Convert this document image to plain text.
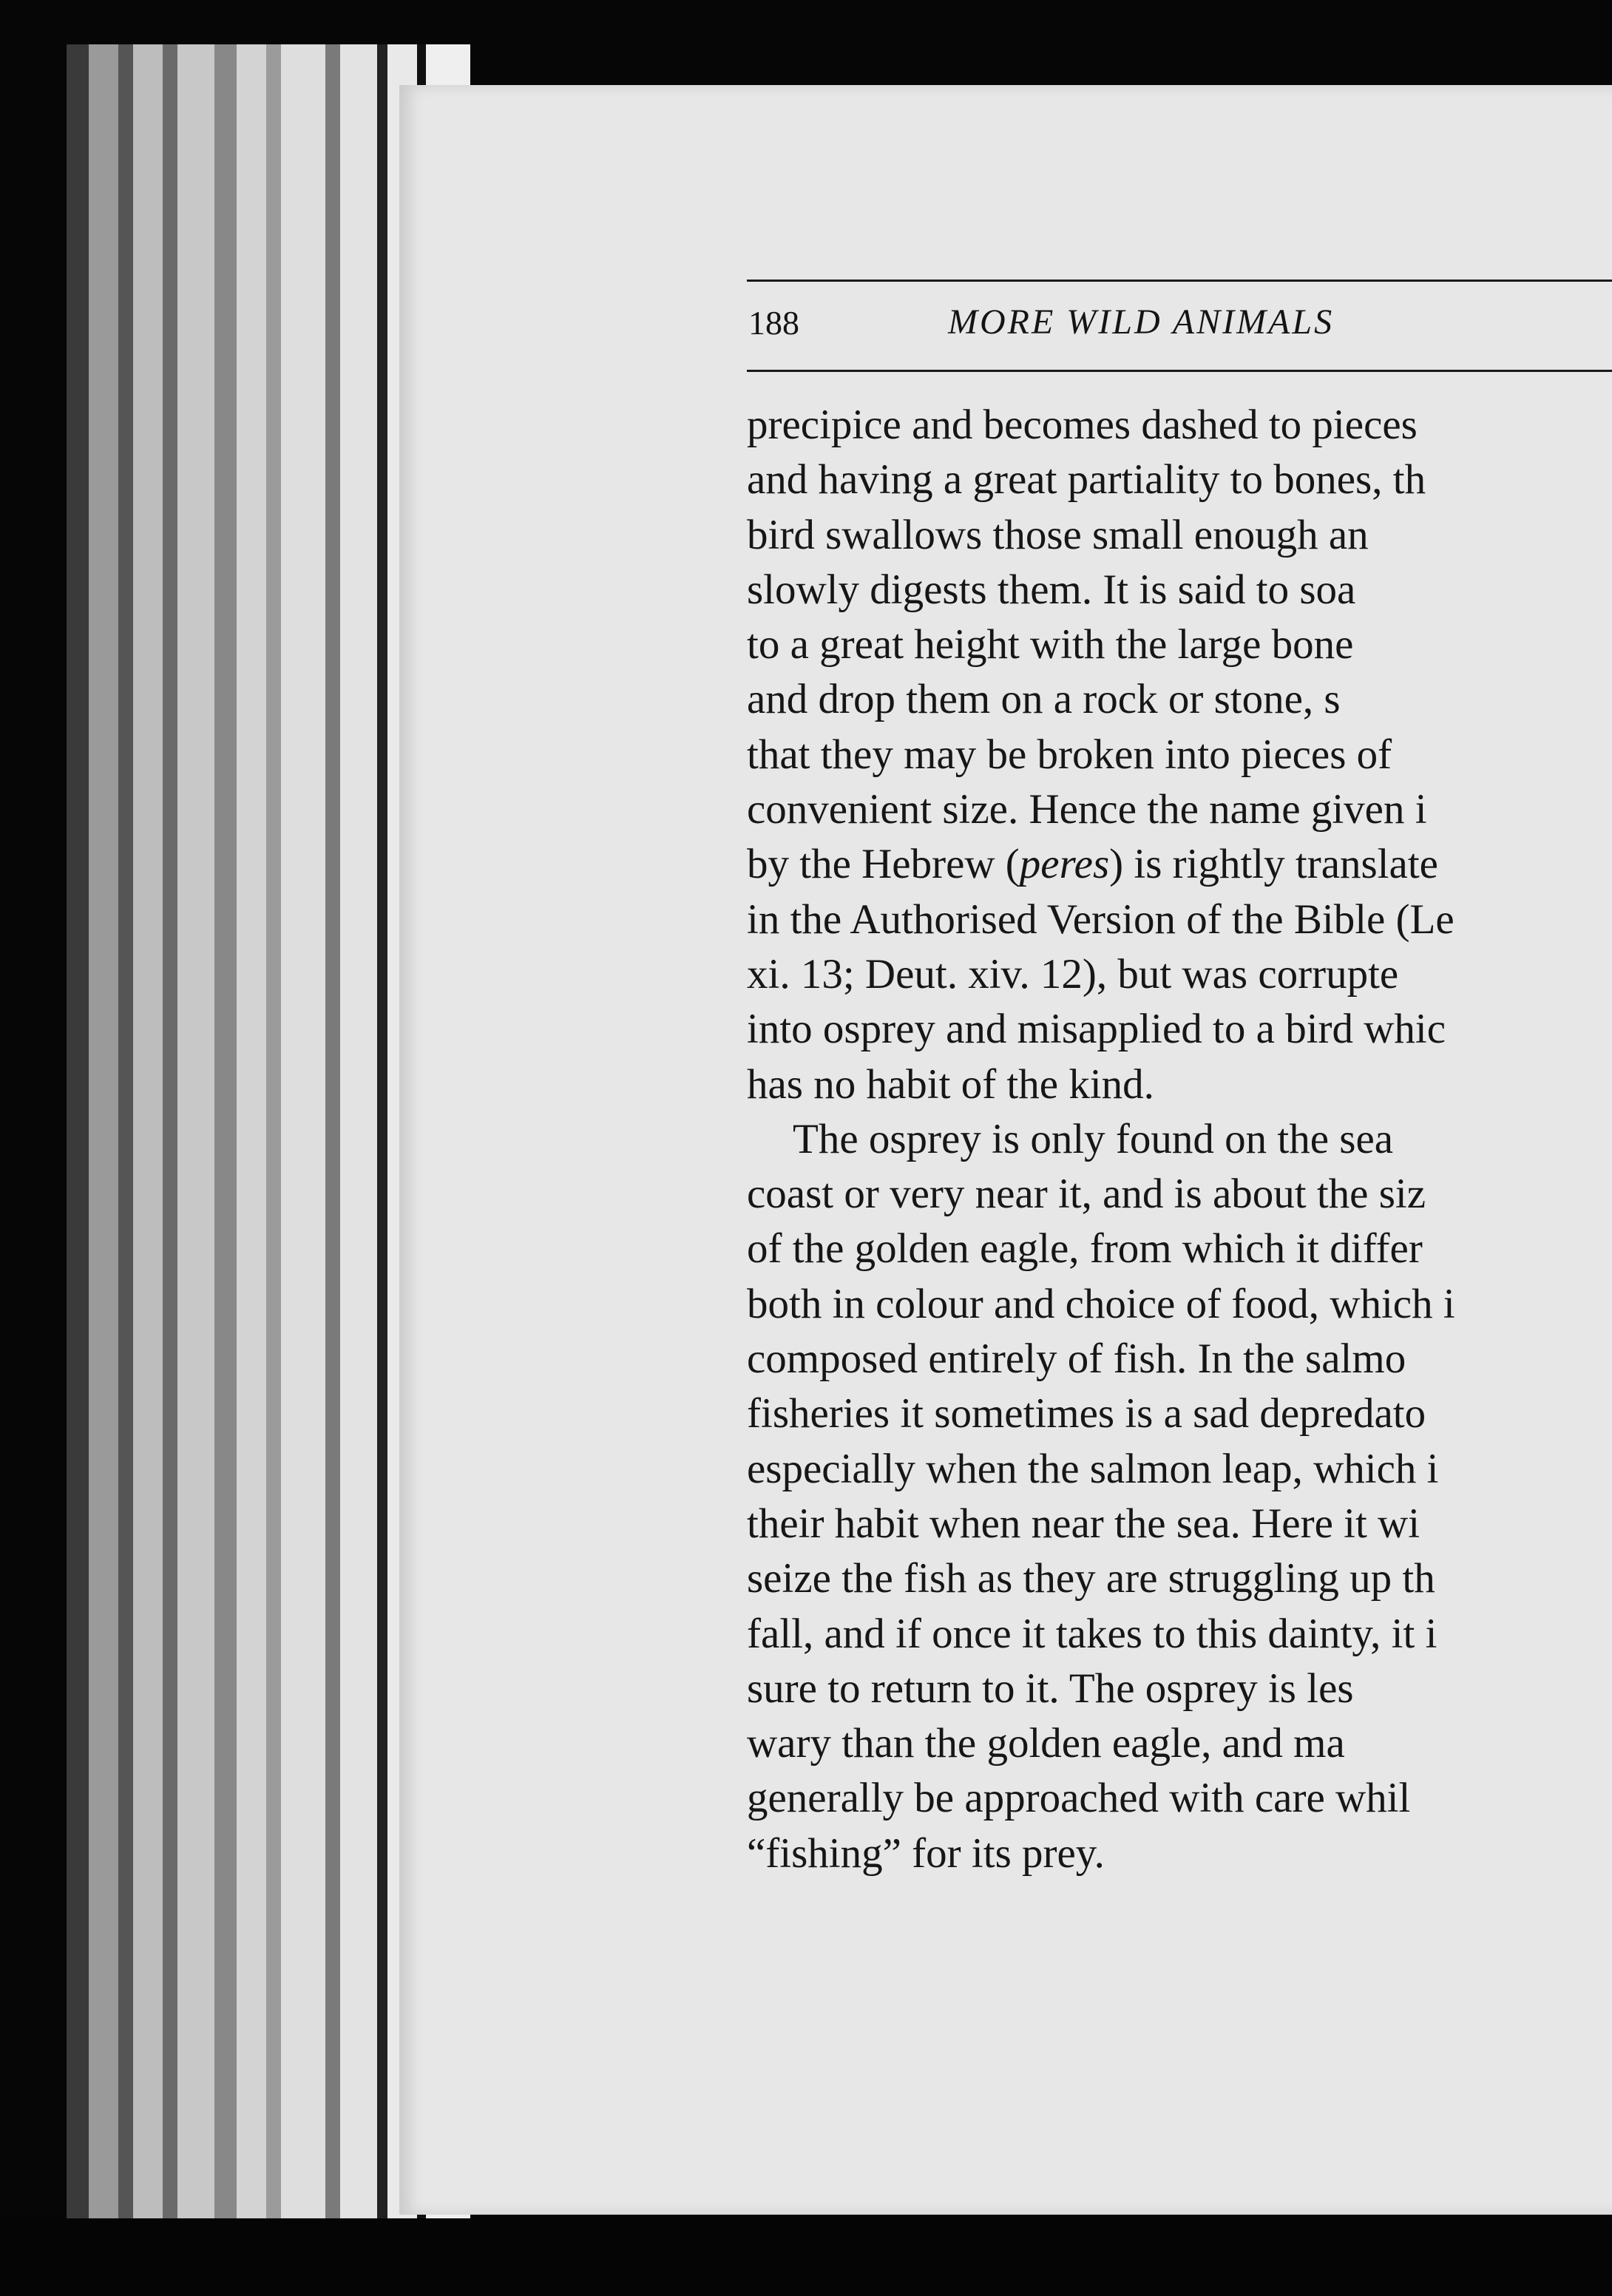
188	MORE WILD ANIMALS
precipice and becomes dashed to pieces
and having a great partiality to bones, th
bird swallows those small enough an
slowly digests them. It is said to soa
to a great height with the large bone
and drop them on a rock or stone, s
that they may be broken into pieces of
convenient size. Hence the name given i
by the Hebrew (peres) is rightly translate
in the Authorised Version of the Bible (Le
xi. 13; Deut. xiv. 12), but was corrupte
into osprey and misapplied to a bird whic
has no habit of the kind.
The osprey is only found on the sea
coast or very near it, and is about the siz
of the golden eagle, from which it differ
both in colour and choice of food, which i
composed entirely of fish. In the salmo
fisheries it sometimes is a sad depredato
especially when the salmon leap, which i
their habit when near the sea. Here it wi
seize the fish as they are struggling up th
fall, and if once it takes to this dainty, it i
sure to return to it. The osprey is les
wary than the golden eagle, and ma
generally be approached with care whil
“fishing” for its prey.
